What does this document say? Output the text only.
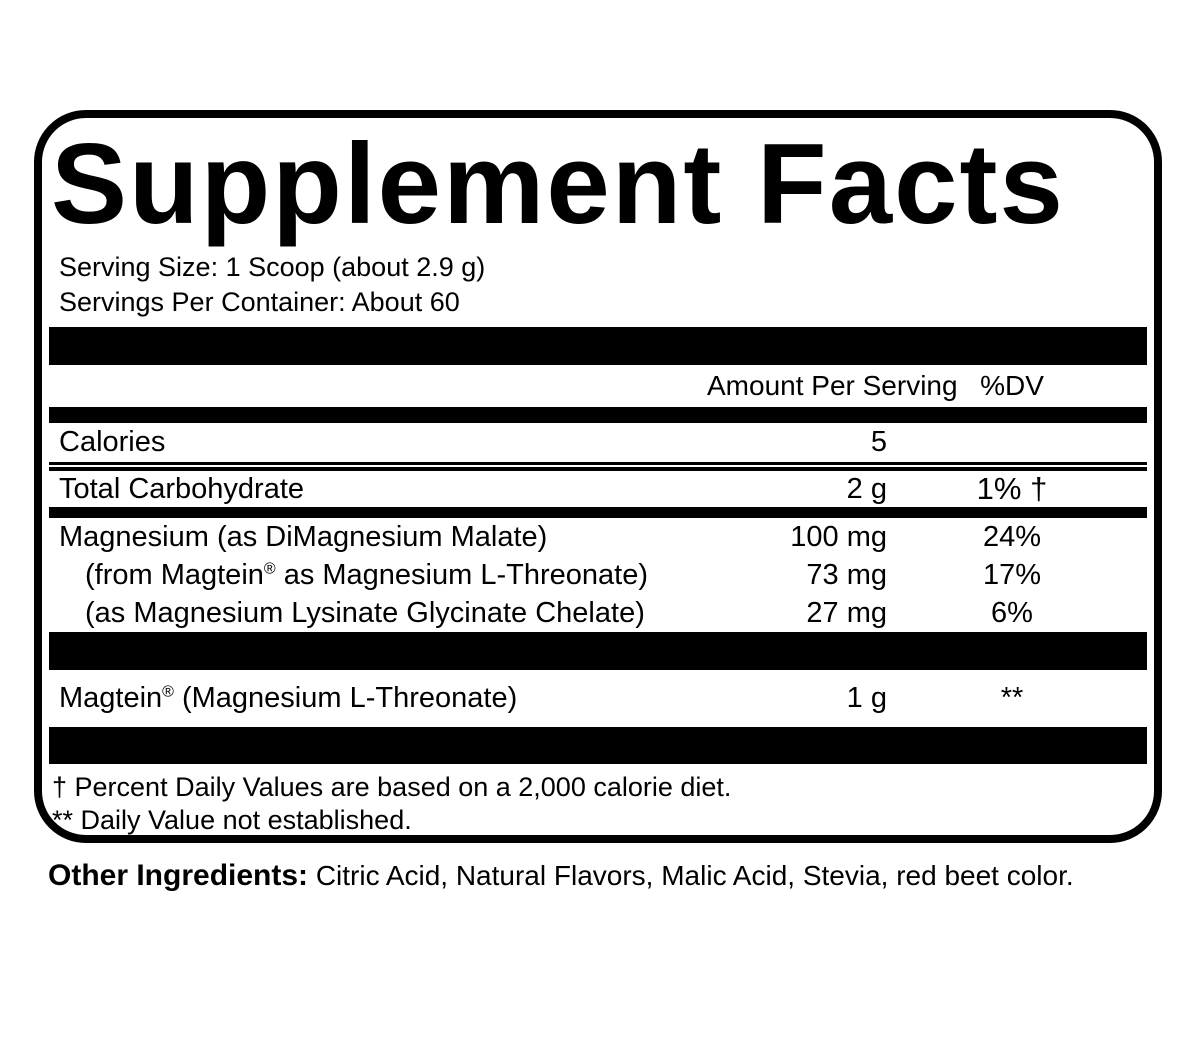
Supplement Facts
Serving Size: 1 Scoop (about 2.9 g)
Servings Per Container: About 60
Amount Per Serving %DV
Calories	5
Total Carbohydrate	2 g	1% †
Magnesium (as DiMagnesium Malate)	100 mg	24%
(from Magtein® as Magnesium L-Threonate)	73 mg	17%
(as Magnesium Lysinate Glycinate Chelate)	27 mg	6%
Magtein® (Magnesium L-Threonate)	1 g	**
† Percent Daily Values are based on a 2,000 calorie diet.
** Daily Value not established.
Other Ingredients: Citric Acid, Natural Flavors, Malic Acid, Stevia, red beet color.
